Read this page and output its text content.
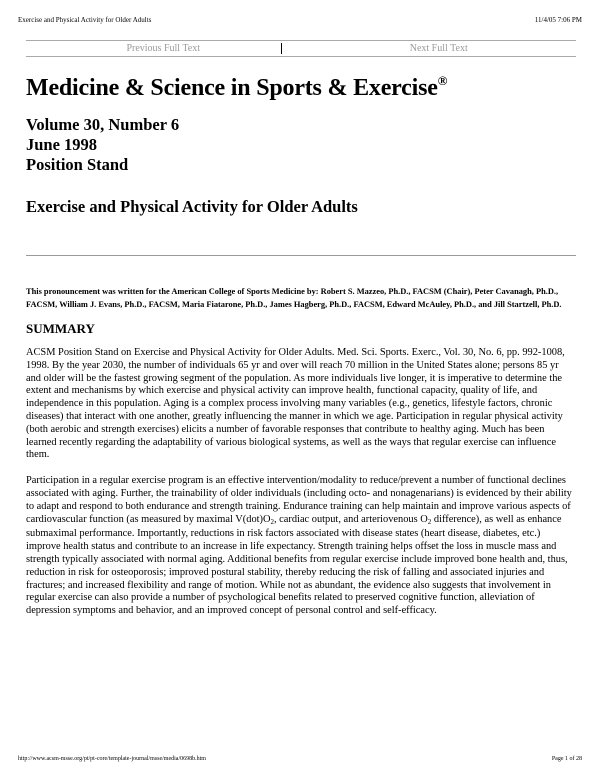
Exercise and Physical Activity for Older Adults	11/4/05 7:06 PM
Previous Full Text	Next Full Text
Medicine & Science in Sports & Exercise®
Volume 30, Number 6
June 1998
Position Stand
Exercise and Physical Activity for Older Adults

This pronouncement was written for the American College of Sports Medicine by: Robert S. Mazzeo, Ph.D., FACSM (Chair), Peter Cavanagh, Ph.D., FACSM, William J. Evans, Ph.D., FACSM, Maria Fiatarone, Ph.D., James Hagberg, Ph.D., FACSM, Edward McAuley, Ph.D., and Jill Startzell, Ph.D.

SUMMARY

ACSM Position Stand on Exercise and Physical Activity for Older Adults. Med. Sci. Sports. Exerc., Vol. 30, No. 6, pp. 992-1008, 1998. By the year 2030, the number of individuals 65 yr and over will reach 70 million in the United States alone; persons 85 yr and older will be the fastest growing segment of the population. As more individuals live longer, it is imperative to determine the extent and mechanisms by which exercise and physical activity can improve health, functional capacity, quality of life, and independence in this population. Aging is a complex process involving many variables (e.g., genetics, lifestyle factors, chronic diseases) that interact with one another, greatly influencing the manner in which we age. Participation in regular physical activity (both aerobic and strength exercises) elicits a number of favorable responses that contribute to healthy aging. Much has been learned recently regarding the adaptability of various biological systems, as well as the ways that regular exercise can influence them.

Participation in a regular exercise program is an effective intervention/modality to reduce/prevent a number of functional declines associated with aging. Further, the trainability of older individuals (including octo- and nonagenarians) is evidenced by their ability to adapt and respond to both endurance and strength training. Endurance training can help maintain and improve various aspects of cardiovascular function (as measured by maximal $V(dot)O_2$, cardiac output, and arteriovenous $O_2$ difference), as well as enhance submaximal performance. Importantly, reductions in risk factors associated with disease states (heart disease, diabetes, etc.) improve health status and contribute to an increase in life expectancy. Strength training helps offset the loss in muscle mass and strength typically associated with normal aging. Additional benefits from regular exercise include improved bone health and, thus, reduction in risk for osteoporosis; improved postural stability, thereby reducing the risk of falling and associated injuries and fractures; and increased flexibility and range of motion. While not as abundant, the evidence also suggests that involvement in regular exercise can also provide a number of psychological benefits related to preserved cognitive function, alleviation of depression symptoms and behavior, and an improved concept of personal control and self-efficacy.

http://www.acsm-msse.org/pt/pt-core/template-journal/msse/media/0698b.htm	Page 1 of 28
